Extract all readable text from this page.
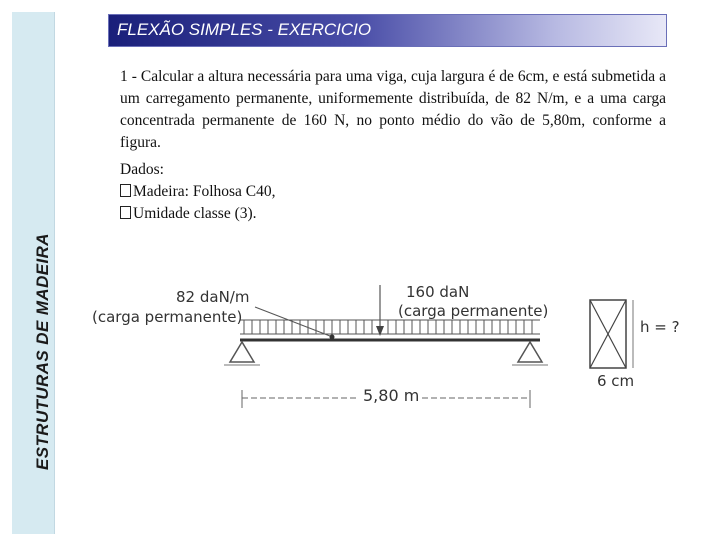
ESTRUTURAS DE MADEIRA
FLEXÃO SIMPLES - EXERCICIO
1 - Calcular a altura necessária para uma viga, cuja largura é de 6cm, e está submetida a um carregamento permanente, uniformemente distribuída, de 82 N/m, e a uma carga concentrada permanente de 160 N, no ponto médio do vão de 5,80m, conforme a figura.
Dados:
Madeira: Folhosa C40,
Umidade classe (3).
82 daN/m
(carga permanente)
160 daN
(carga permanente)
5,80 m
h = ?
6 cm
